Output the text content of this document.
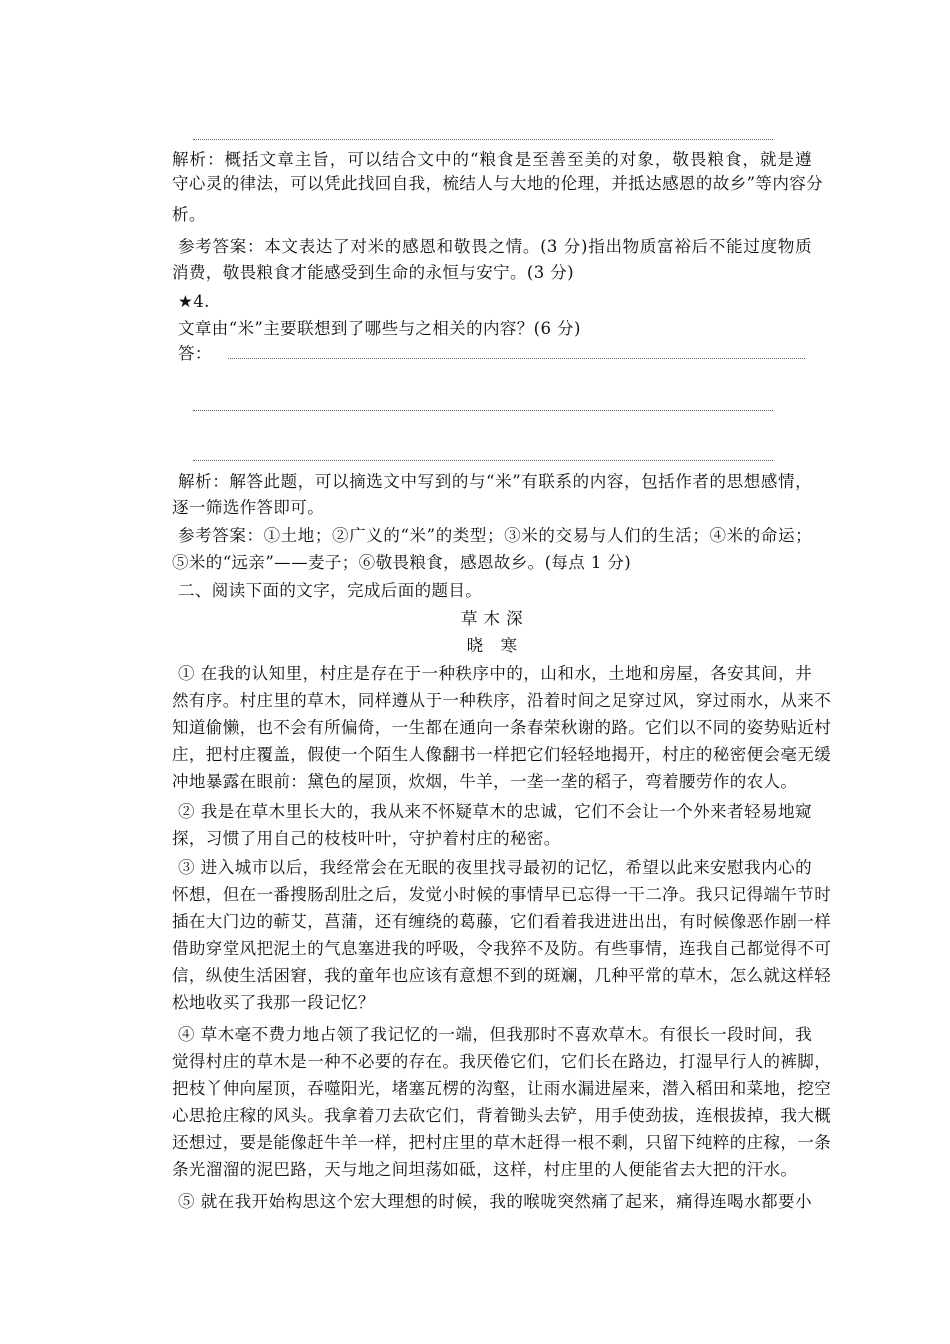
解析：概括文章主旨，可以结合文中的“粮食是至善至美的对象，敬畏粮食，就是遵
守心灵的律法，可以凭此找回自我，梳结人与大地的伦理，并抵达感恩的故乡”等内容分
析。
参考答案：本文表达了对米的感恩和敬畏之情。(3 分)指出物质富裕后不能过度物质
消费，敬畏粮食才能感受到生命的永恒与安宁。(3 分)
★4.
文章由“米”主要联想到了哪些与之相关的内容？(6 分)
答：
解析：解答此题，可以摘选文中写到的与“米”有联系的内容，包括作者的思想感情，
逐一筛选作答即可。
参考答案：①土地；②广义的“米”的类型；③米的交易与人们的生活；④米的命运；
⑤米的“远亲”——麦子；⑥敬畏粮食，感恩故乡。(每点 1 分)
二、阅读下面的文字，完成后面的题目。
草 木 深
晓　寒
① 在我的认知里，村庄是存在于一种秩序中的，山和水，土地和房屋，各安其间，井
然有序。村庄里的草木，同样遵从于一种秩序，沿着时间之足穿过风，穿过雨水，从来不
知道偷懒，也不会有所偏倚，一生都在通向一条春荣秋谢的路。它们以不同的姿势贴近村
庄，把村庄覆盖，假使一个陌生人像翻书一样把它们轻轻地揭开，村庄的秘密便会毫无缓
冲地暴露在眼前：黛色的屋顶，炊烟，牛羊，一垄一垄的稻子，弯着腰劳作的农人。
② 我是在草木里长大的，我从来不怀疑草木的忠诚，它们不会让一个外来者轻易地窥
探，习惯了用自己的枝枝叶叶，守护着村庄的秘密。
③ 进入城市以后，我经常会在无眠的夜里找寻最初的记忆，希望以此来安慰我内心的
怀想，但在一番搜肠刮肚之后，发觉小时候的事情早已忘得一干二净。我只记得端午节时
插在大门边的蕲艾，菖蒲，还有缠绕的葛藤，它们看着我进进出出，有时候像恶作剧一样
借助穿堂风把泥土的气息塞进我的呼吸，令我猝不及防。有些事情，连我自己都觉得不可
信，纵使生活困窘，我的童年也应该有意想不到的斑斓，几种平常的草木，怎么就这样轻
松地收买了我那一段记忆？
④ 草木毫不费力地占领了我记忆的一端，但我那时不喜欢草木。有很长一段时间，我
觉得村庄的草木是一种不必要的存在。我厌倦它们，它们长在路边，打湿早行人的裤脚，
把枝丫伸向屋顶，吞噬阳光，堵塞瓦楞的沟壑，让雨水漏进屋来，潜入稻田和菜地，挖空
心思抢庄稼的风头。我拿着刀去砍它们，背着锄头去铲，用手使劲拔，连根拔掉，我大概
还想过，要是能像赶牛羊一样，把村庄里的草木赶得一根不剩，只留下纯粹的庄稼，一条
条光溜溜的泥巴路，天与地之间坦荡如砥，这样，村庄里的人便能省去大把的汗水。
⑤ 就在我开始构思这个宏大理想的时候，我的喉咙突然痛了起来，痛得连喝水都要小
